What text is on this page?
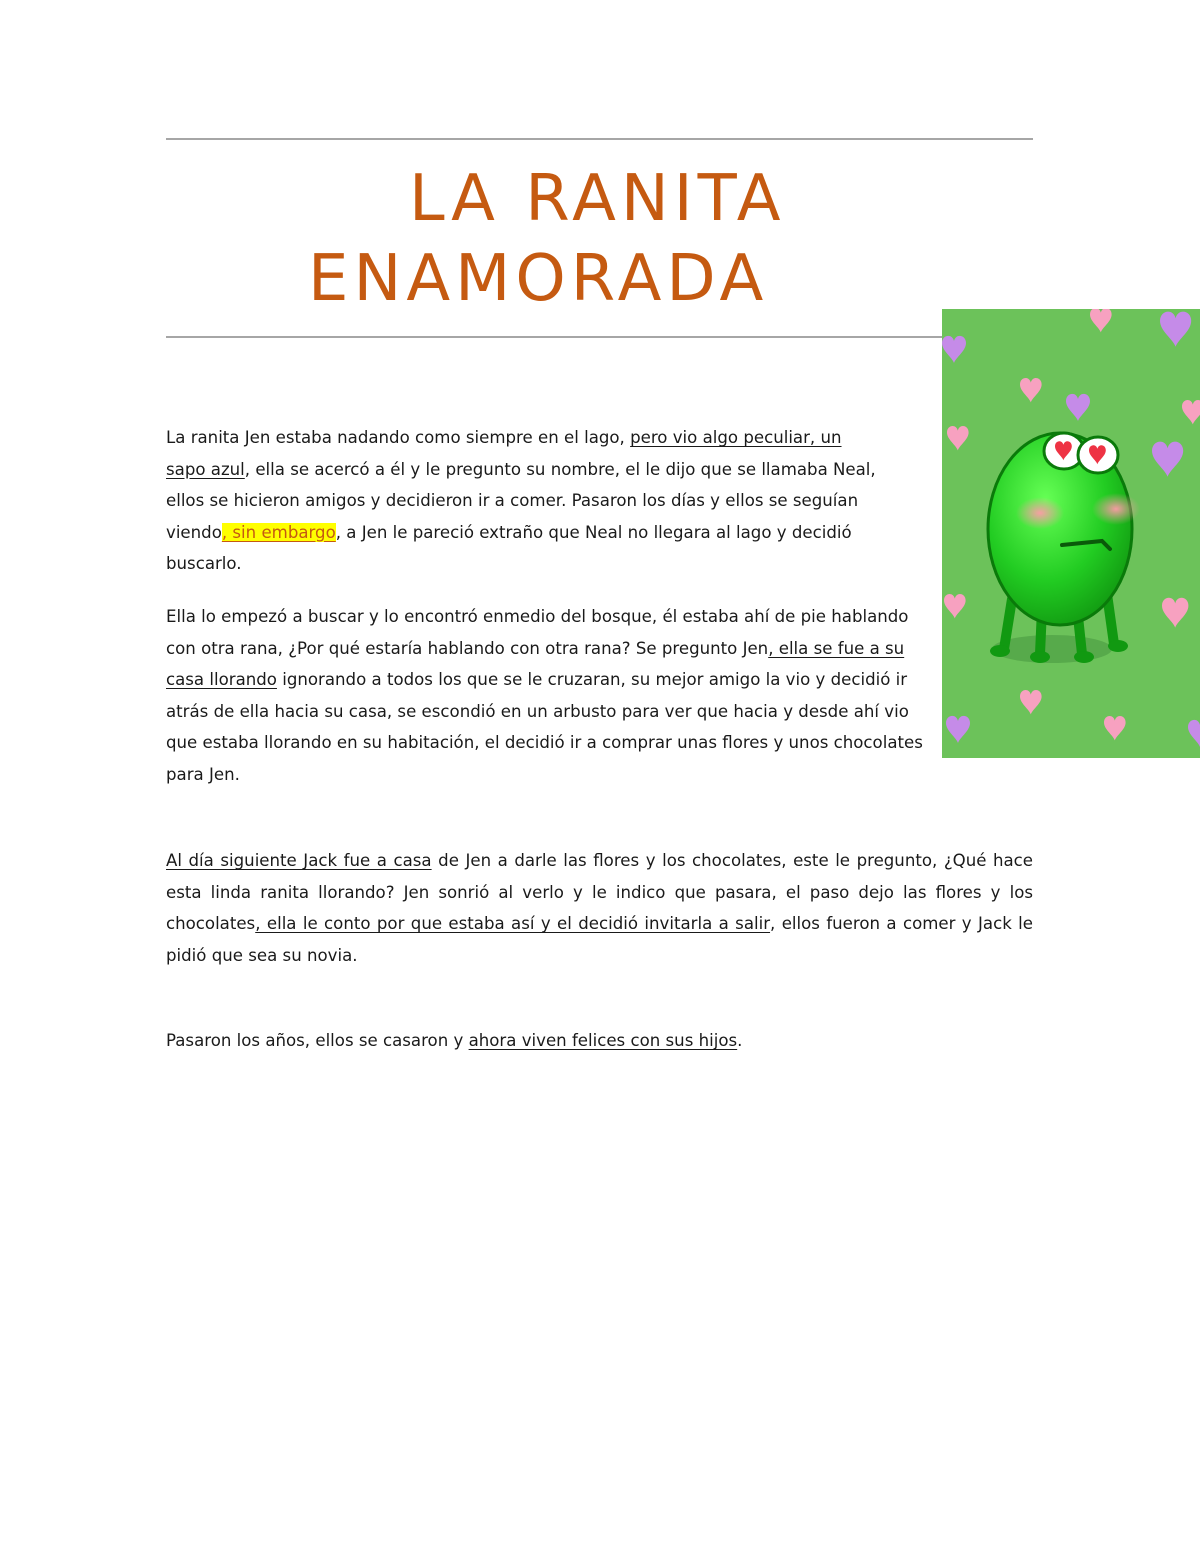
LA RANITA
ENAMORADA

La ranita Jen estaba nadando como siempre en el lago, pero vio algo peculiar, un sapo azul, ella se acercó a él y le pregunto su nombre, el le dijo que se llamaba Neal, ellos se hicieron amigos y decidieron ir a comer. Pasaron los días y ellos se seguían viendo, sin embargo, a Jen le pareció extraño que Neal no llegara al lago y decidió buscarlo.

Ella lo empezó a buscar y lo encontró enmedio del bosque, él estaba ahí de pie hablando con otra rana, ¿Por qué estaría hablando con otra rana? Se pregunto Jen, ella se fue a su casa llorando ignorando a todos los que se le cruzaran, su mejor amigo la vio y decidió ir atrás de ella hacia su casa, se escondió en un arbusto para ver que hacia y desde ahí vio que estaba llorando en su habitación, el decidió ir a comprar unas flores y unos chocolates para Jen.

Al día siguiente Jack fue a casa de Jen a darle las flores y los chocolates, este le pregunto, ¿Qué hace esta linda ranita llorando? Jen sonrió al verlo y le indico que pasara, el paso dejo las flores y los chocolates, ella le conto por que estaba así y el decidió invitarla a salir, ellos fueron a comer y Jack le pidió que sea su novia.

Pasaron los años, ellos se casaron y ahora viven felices con sus hijos.
